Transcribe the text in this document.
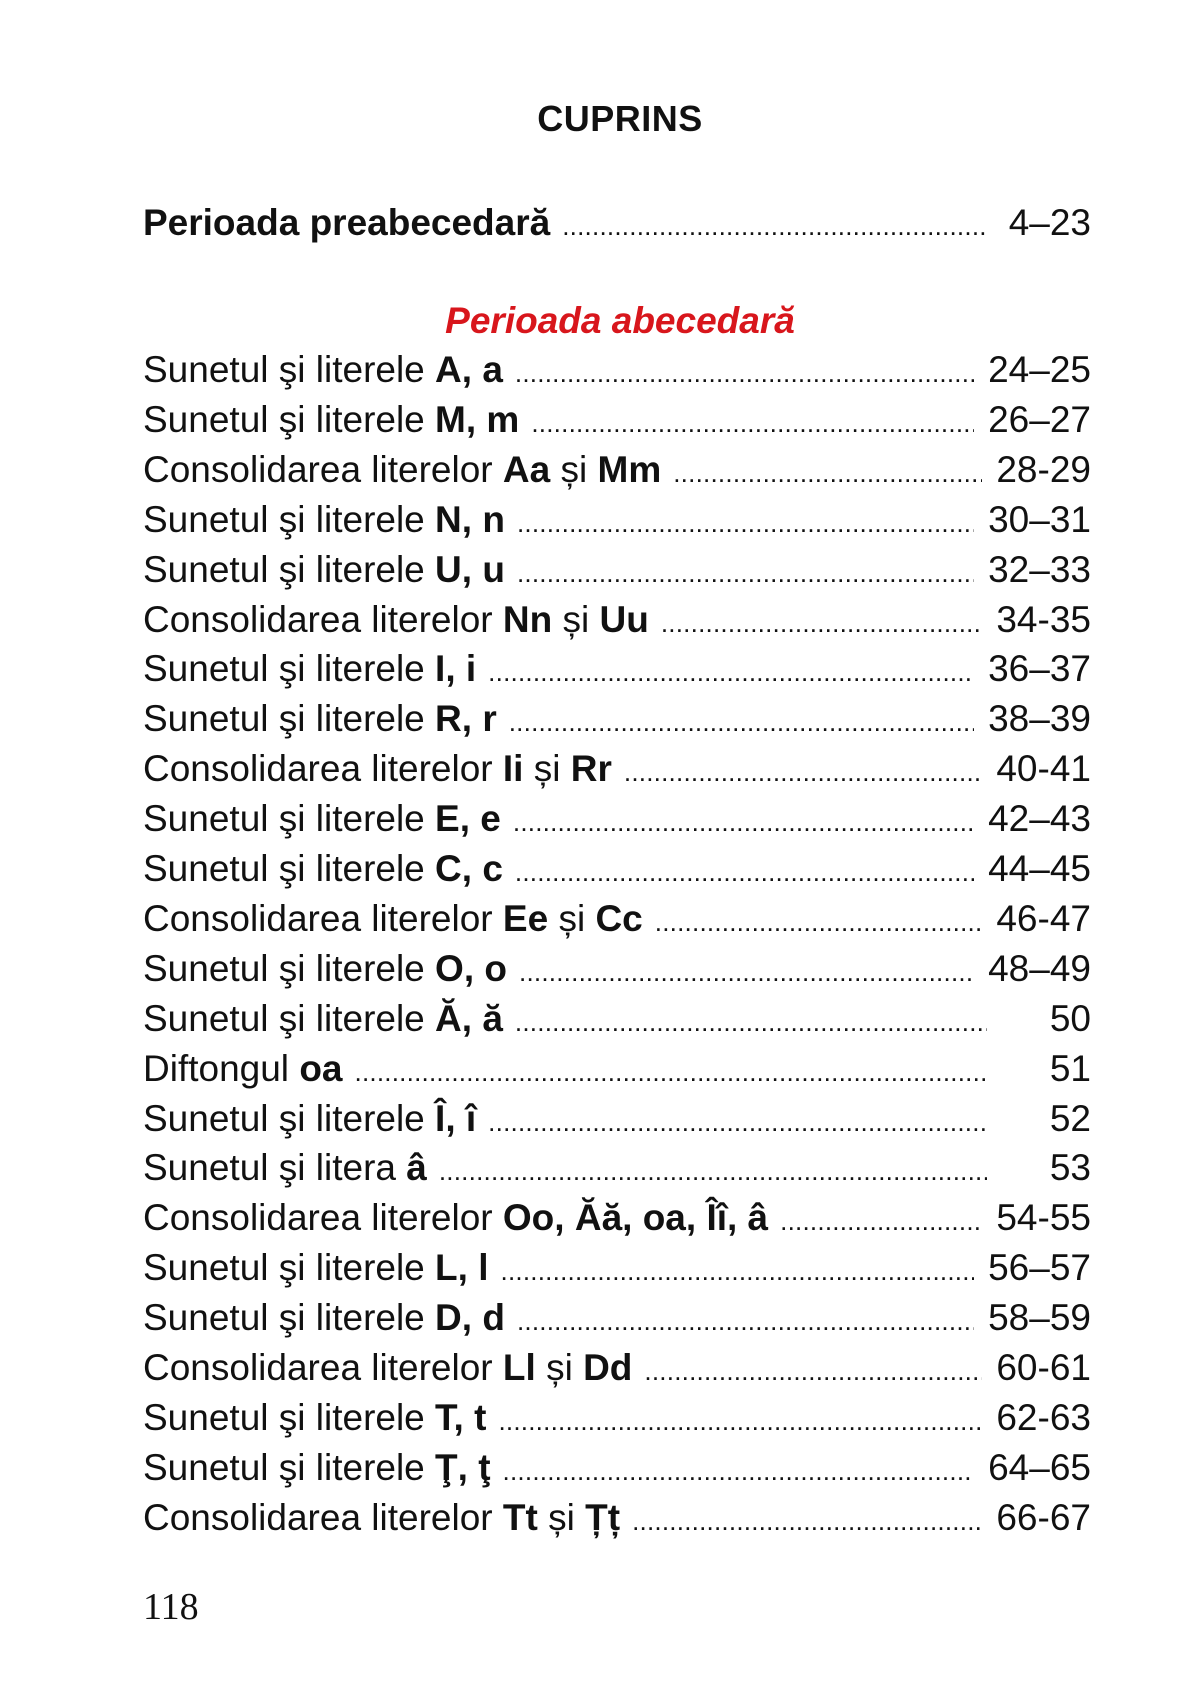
CUPRINS
Perioada preabecedară . . .	4–23
Perioada abecedară
Sunetul şi literele A, a . . .	24–25
Sunetul şi literele M, m . . .	26–27
Consolidarea literelor Aa și Mm . . .	28-29
Sunetul şi literele N, n . . .	30–31
Sunetul şi literele U, u . . .	32–33
Consolidarea literelor Nn și Uu . . .	34-35
Sunetul şi literele I, i . . .	36–37
Sunetul şi literele R, r . . .	38–39
Consolidarea literelor Ii și Rr . . .	40-41
Sunetul şi literele E, e . . .	42–43
Sunetul şi literele C, c . . .	44–45
Consolidarea literelor Ee și Cc . . .	46-47
Sunetul şi literele O, o . . .	48–49
Sunetul şi literele Ă, ă . . .	50
Diftongul oa . . .	51
Sunetul şi literele Î, î . . .	52
Sunetul şi litera â . . .	53
Consolidarea literelor Oo, Ăă, oa, Îî, â . . .	54-55
Sunetul şi literele L, l . . .	56–57
Sunetul şi literele D, d . . .	58–59
Consolidarea literelor Ll și Dd . . .	60-61
Sunetul şi literele T, t . . .	62-63
Sunetul şi literele Ţ, ţ . . .	64–65
Consolidarea literelor Tt și Țț . . .	66-67
118
